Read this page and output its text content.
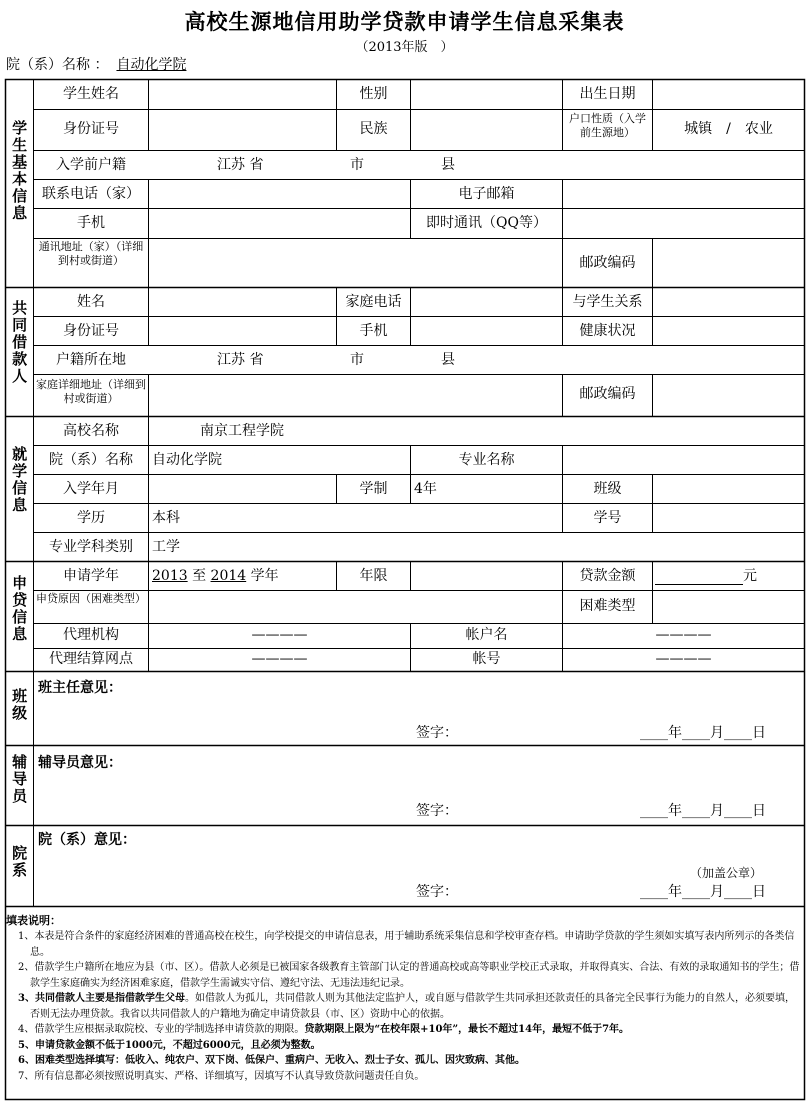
高校生源地信用助学贷款申请学生信息采集表
（2013年版　）
院（系）名称 ： 自动化学院
学生基本信息
共同借款人
就学信息
申贷信息
班级
辅导员
院系
学生姓名	性别	出生日期
身份证号	民族
户口性质（入学前生源地）	城镇　/　农业
入学前户籍	江苏 省	市	县
联系电话（家）	电子邮箱
手机	即时通讯（QQ等）
通讯地址（家）（详细到村或街道）	邮政编码
姓名	家庭电话	与学生关系
身份证号	手机	健康状况
户籍所在地	江苏 省	市	县
家庭详细地址（详细到村或街道）	邮政编码
高校名称	南京工程学院
院（系）名称	自动化学院	专业名称
入学年月	学制	4年	班级
学历	本科	学号
专业学科类别	工学
申请学年	2013 至 2014 学年	年限	贷款金额	元
申贷原因（困难类型）	困难类型
代理机构	————	帐户名	————
代理结算网点	————	帐号	————
班主任意见：
签字：	____年____月____日
辅导员意见：
签字：	____年____月____日
院（系）意见：
（加盖公章）
签字：	____年____月____日
填表说明：
1、本表是符合条件的家庭经济困难的普通高校在校生，向学校提交的申请信息表，用于辅助系统采集信息和学校审查存档。申请助学贷款的学生须如实填写表内所列示的各类信息。
2、借款学生户籍所在地应为县（市、区）。借款人必须是已被国家各级教育主管部门认定的普通高校或高等职业学校正式录取，并取得真实、合法、有效的录取通知书的学生；借款学生家庭确实为经济困难家庭，借款学生需诚实守信、遵纪守法、无违法违纪记录。
3、共同借款人主要是指借款学生父母。如借款人为孤儿，共同借款人则为其他法定监护人，或自愿与借款学生共同承担还款责任的具备完全民事行为能力的自然人，必须要填，否则无法办理贷款。我省以共同借款人的户籍地为确定申请贷款县（市、区）资助中心的依据。
4、借款学生应根据录取院校、专业的学制选择申请贷款的期限。贷款期限上限为“在校年限+10年”，最长不超过14年，最短不低于7年。
5、申请贷款金额不低于1000元，不超过6000元，且必须为整数。
6、困难类型选择填写：低收入、纯农户、双下岗、低保户、重病户、无收入、烈士子女、孤儿、因灾致病、其他。
7、所有信息都必须按照说明真实、严格、详细填写，因填写不认真导致贷款问题责任自负。
